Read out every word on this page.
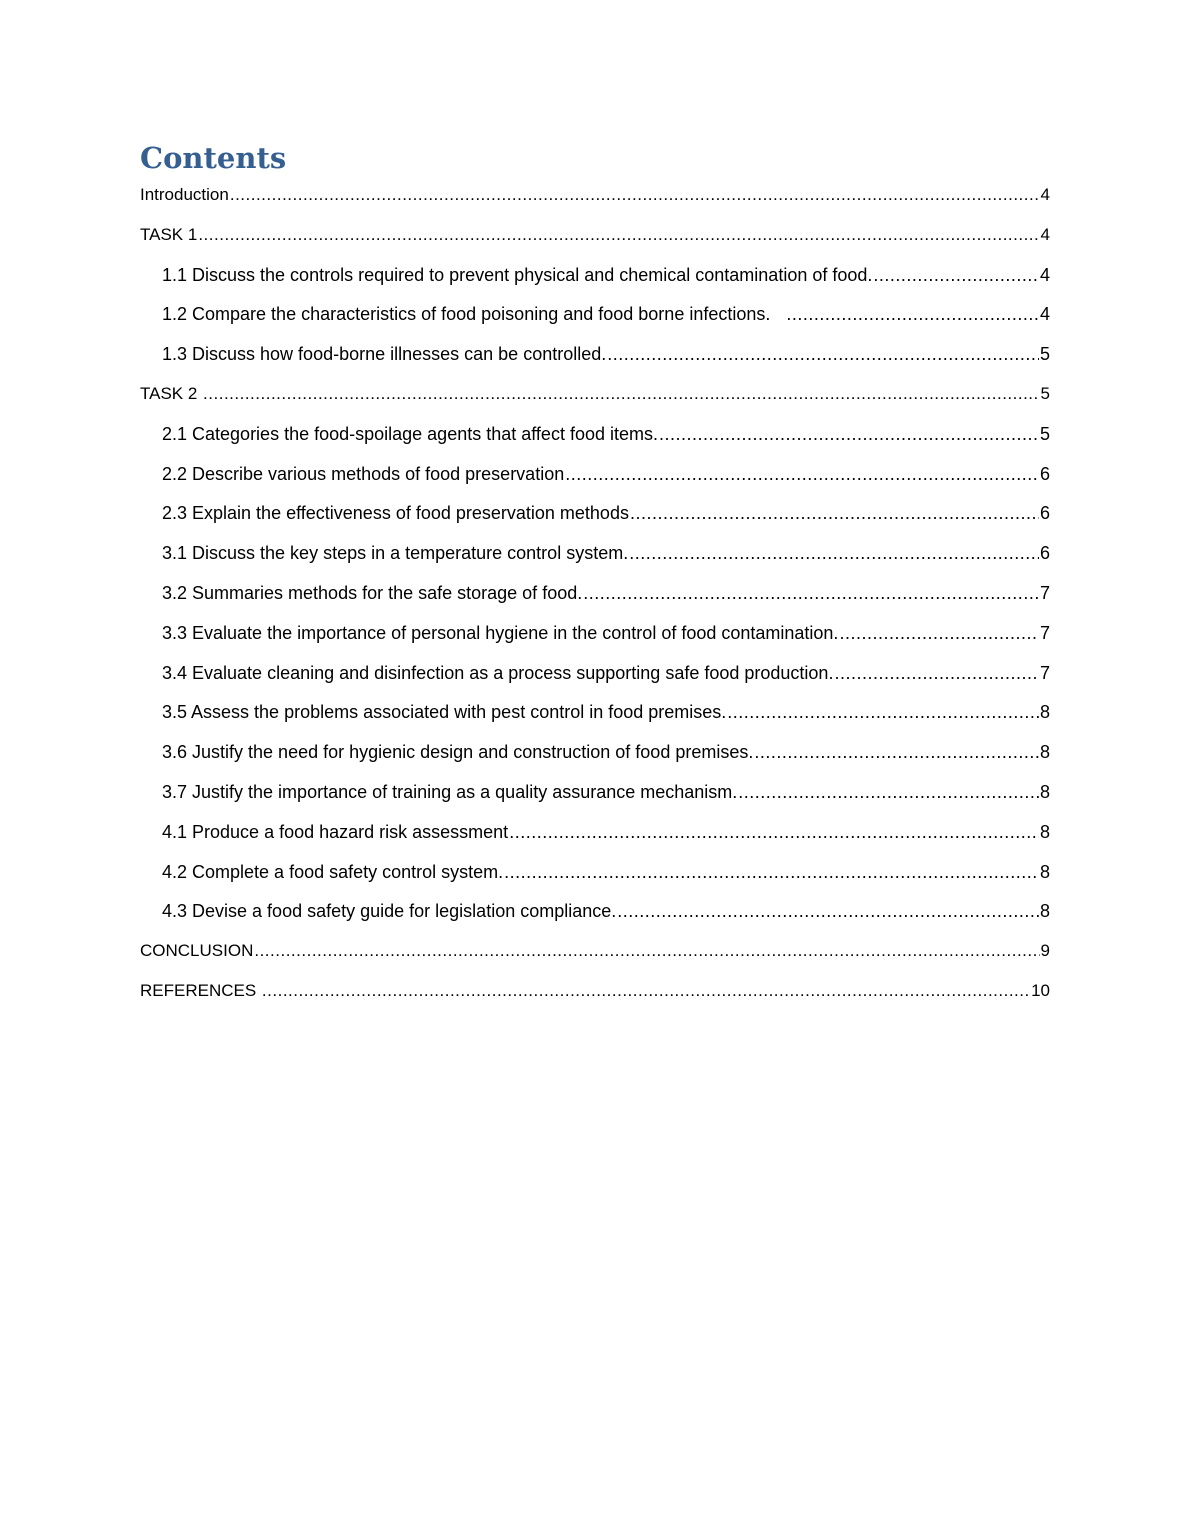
Contents
Introduction .....	4
TASK 1 .....	4
1.1 Discuss the controls required to prevent physical and chemical contamination of food. .....	4
1.2 Compare the characteristics of food poisoning and food borne infections. .....	4
1.3 Discuss how food-borne illnesses can be controlled. .....	5
TASK 2 .....	5
2.1 Categories the food-spoilage agents that affect food items. .....	5
2.2 Describe various methods of food preservation .....	6
2.3 Explain the effectiveness of food preservation methods .....	6
3.1 Discuss the key steps in a temperature control system. .....	6
3.2 Summaries methods for the safe storage of food. .....	7
3.3 Evaluate the importance of personal hygiene in the control of food contamination. .....	7
3.4 Evaluate cleaning and disinfection as a process supporting safe food production. .....	7
3.5 Assess the problems associated with pest control in food premises. .....	8
3.6 Justify the need for hygienic design and construction of food premises. .....	8
3.7 Justify the importance of training as a quality assurance mechanism. .....	8
4.1 Produce a food hazard risk assessment .....	8
4.2 Complete a food safety control system. .....	8
4.3 Devise a food safety guide for legislation compliance. .....	8
CONCLUSION .....	9
REFERENCES .....	10
